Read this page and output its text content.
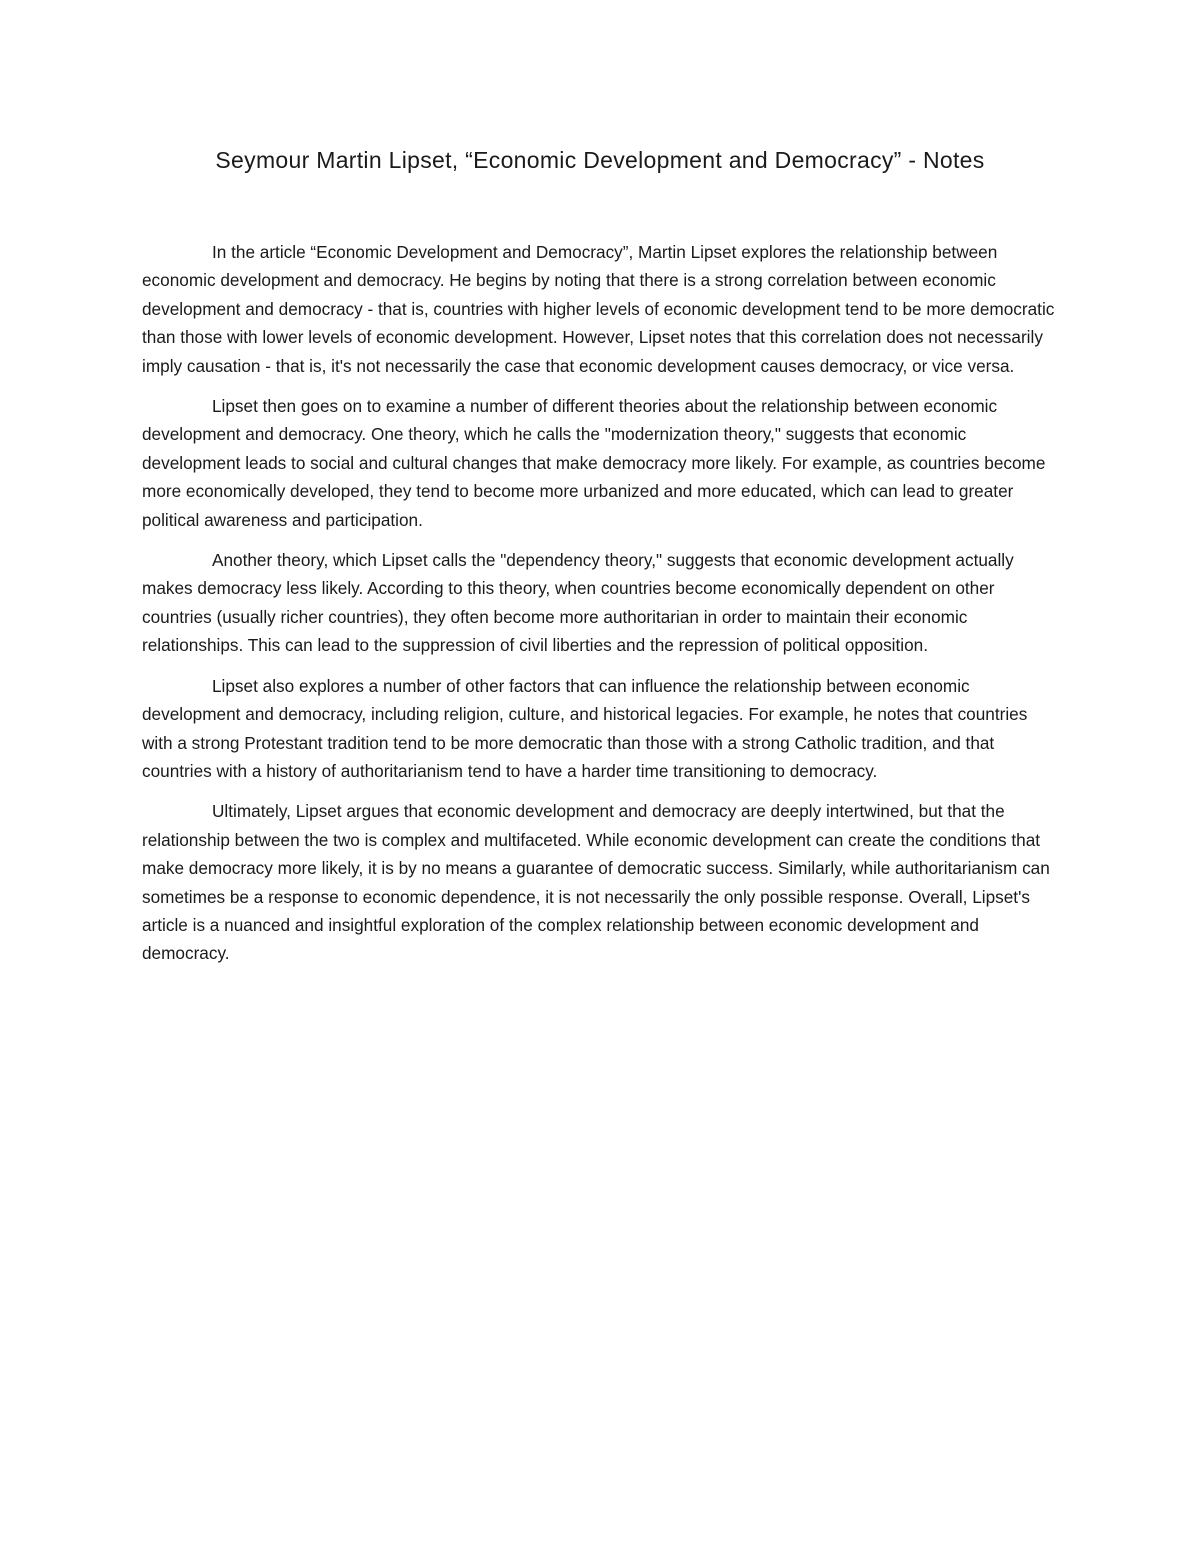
Seymour Martin Lipset, “Economic Development and Democracy” - Notes

In the article “Economic Development and Democracy”, Martin Lipset explores the relationship between economic development and democracy. He begins by noting that there is a strong correlation between economic development and democracy - that is, countries with higher levels of economic development tend to be more democratic than those with lower levels of economic development. However, Lipset notes that this correlation does not necessarily imply causation - that is, it's not necessarily the case that economic development causes democracy, or vice versa.

Lipset then goes on to examine a number of different theories about the relationship between economic development and democracy. One theory, which he calls the "modernization theory," suggests that economic development leads to social and cultural changes that make democracy more likely. For example, as countries become more economically developed, they tend to become more urbanized and more educated, which can lead to greater political awareness and participation.

Another theory, which Lipset calls the "dependency theory," suggests that economic development actually makes democracy less likely. According to this theory, when countries become economically dependent on other countries (usually richer countries), they often become more authoritarian in order to maintain their economic relationships. This can lead to the suppression of civil liberties and the repression of political opposition.

Lipset also explores a number of other factors that can influence the relationship between economic development and democracy, including religion, culture, and historical legacies. For example, he notes that countries with a strong Protestant tradition tend to be more democratic than those with a strong Catholic tradition, and that countries with a history of authoritarianism tend to have a harder time transitioning to democracy.

Ultimately, Lipset argues that economic development and democracy are deeply intertwined, but that the relationship between the two is complex and multifaceted. While economic development can create the conditions that make democracy more likely, it is by no means a guarantee of democratic success. Similarly, while authoritarianism can sometimes be a response to economic dependence, it is not necessarily the only possible response. Overall, Lipset's article is a nuanced and insightful exploration of the complex relationship between economic development and democracy.
